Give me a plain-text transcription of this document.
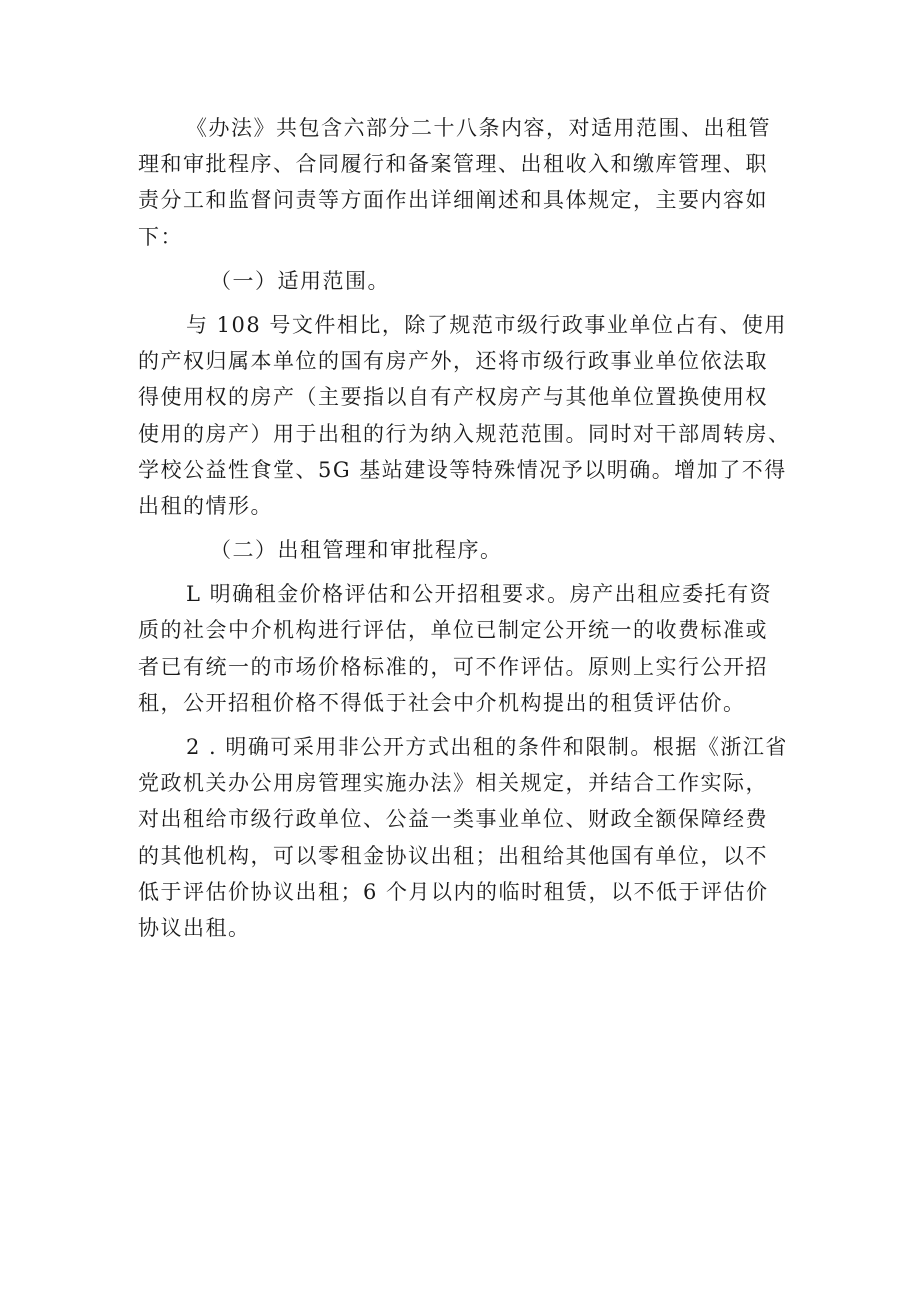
《办法》共包含六部分二十八条内容，对适用范围、出租管
理和审批程序、合同履行和备案管理、出租收入和缴库管理、职
责分工和监督问责等方面作出详细阐述和具体规定，主要内容如
下：

（一）适用范围。

与 108 号文件相比，除了规范市级行政事业单位占有、使用
的产权归属本单位的国有房产外，还将市级行政事业单位依法取
得使用权的房产（主要指以自有产权房产与其他单位置换使用权
使用的房产）用于出租的行为纳入规范范围。同时对干部周转房、
学校公益性食堂、5G 基站建设等特殊情况予以明确。增加了不得
出租的情形。

（二）出租管理和审批程序。

L 明确租金价格评估和公开招租要求。房产出租应委托有资
质的社会中介机构进行评估，单位已制定公开统一的收费标准或
者已有统一的市场价格标准的，可不作评估。原则上实行公开招
租，公开招租价格不得低于社会中介机构提出的租赁评估价。

2 . 明确可采用非公开方式出租的条件和限制。根据《浙江省
党政机关办公用房管理实施办法》相关规定，并结合工作实际，
对出租给市级行政单位、公益一类事业单位、财政全额保障经费
的其他机构，可以零租金协议出租；出租给其他国有单位，以不
低于评估价协议出租；6 个月以内的临时租赁，以不低于评估价
协议出租。
